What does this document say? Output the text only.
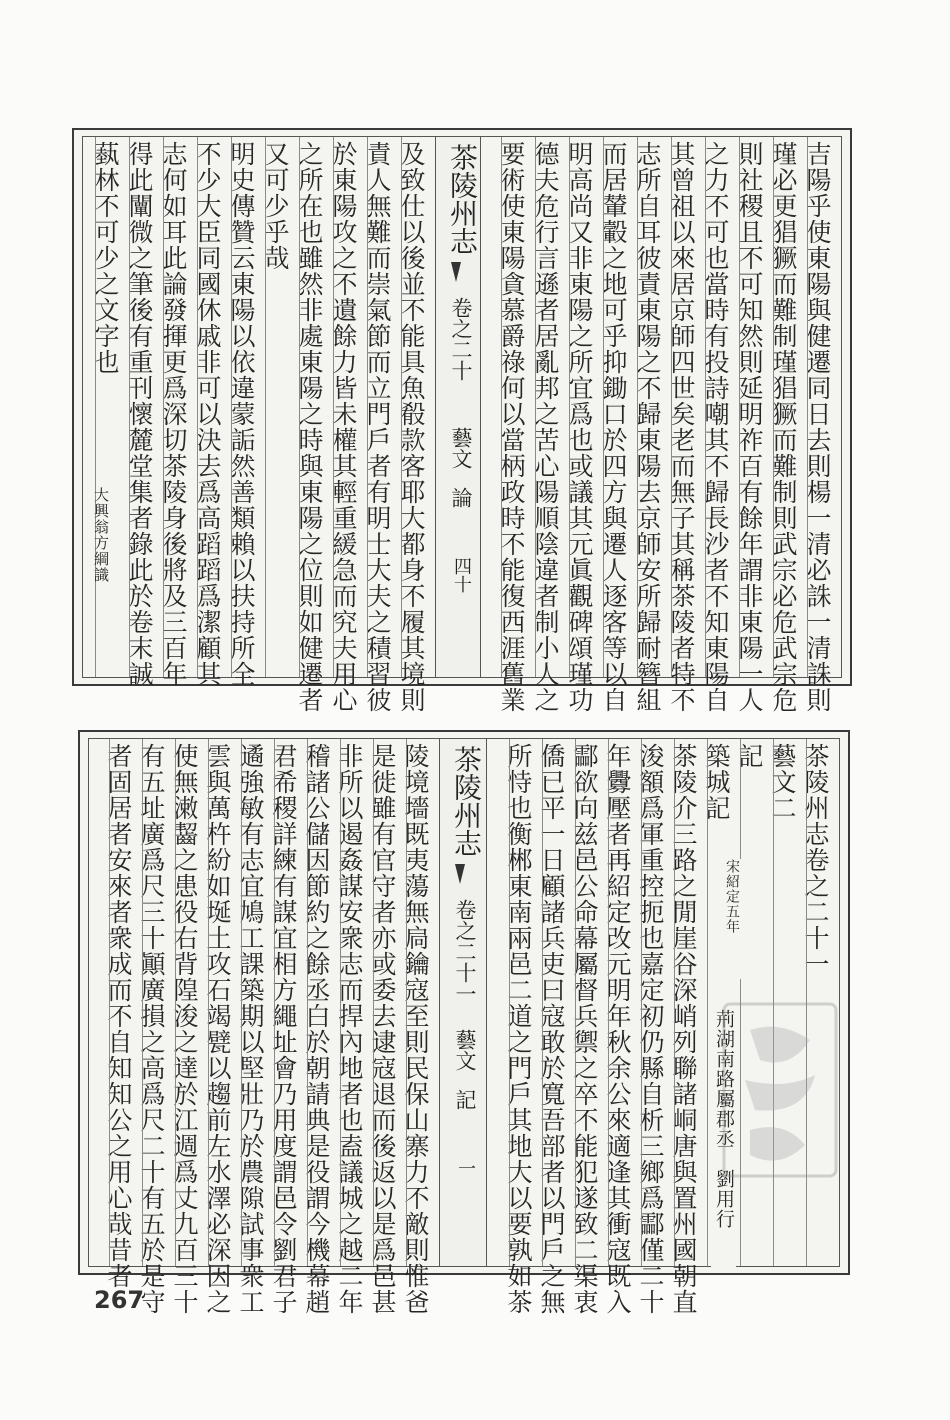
吉陽乎使東陽與健遷同日去則楊一清必誅一清誅則
瑾必更猖獗而難制瑾猖獗而難制則武宗必危武宗危
則社稷且不可知然則延明祚百有餘年謂非東陽一人
之力不可也當時有投詩嘲其不歸長沙者不知東陽自
其曾祖以來居京師四世矣老而無子其稱茶陵者特不
志所自耳彼責東陽之不歸東陽去京師安所歸耐簪組
而居輦轂之地可乎抑鋤口於四方與遷人逐客等以自
明高尚又非東陽之所宜爲也或議其元眞觀碑頌瑾功
德夫危行言遜者居亂邦之苦心陽順陰違者制小人之
要術使東陽貪慕爵祿何以當柄政時不能復西涯舊業
茶陵州志
卷之二十
藝文
論
四十
及致仕以後並不能具魚殽款客耶大都身不履其境則
責人無難而崇氣節而立門戶者有明士大夫之積習彼
於東陽攻之不遺餘力皆未權其輕重緩急而究夫用心
之所在也雖然非處東陽之時與東陽之位則如健遷者
又可少乎哉
明史傳贊云東陽以依違蒙詬然善類賴以扶持所全
不少大臣同國休戚非可以決去爲高蹈蹈爲潔顧其
志何如耳此論發揮更爲深切茶陵身後將及三百年
得此闡微之筆後有重刊懷麓堂集者錄此於卷末誠
蓺林不可少之文字也
大興翁方綱識
茶陵州志卷之二十一
藝文二
記
築城記
茶陵介三路之閒崖谷深峭列聯諸峒唐與置州國朝直
浚額爲軍重控扼也嘉定初仍縣自析三鄉爲酃僅二十
年釁壓者再紹定改元明年秋余公來適逢其衝寇既入
酃欲向兹邑公命幕屬督兵禦之卒不能犯遂致二渠衷
僑已平一日顧諸兵吏曰寇敢於寬吾部者以門戶之無
所恃也衡郴東南兩邑二道之門戶其地大以要孰如茶
茶陵州志
卷之二十一
藝文
記
一
陵境墻既夷蕩無扃鑰寇至則民保山寨力不敵則惟爸
是徙雖有官守者亦或委去逮寇退而後返以是爲邑甚
非所以遏姦謀安衆志而捍內地者也盍議城之越二年
稽諸公儲因節約之餘丞白於朝請典是役謂今機幕趙
君希稷詳練有謀宜相方繩址會乃用度謂邑令劉君子
遹強敏有志宜鳩工課築期以堅壯乃於農隙試事衆工
雲與萬杵紛如埏土攻石竭甓以趨前左水澤必深因之
使無潄齧之患役右背隍浚之達於江週爲丈九百三十
有五址廣爲尺三十顚廣損之高爲尺二十有五於是守
者固居者安來者衆成而不自知知公之用心哉昔者	宋紹定五年
荊湖南路屬郡丞　劉用行
267
